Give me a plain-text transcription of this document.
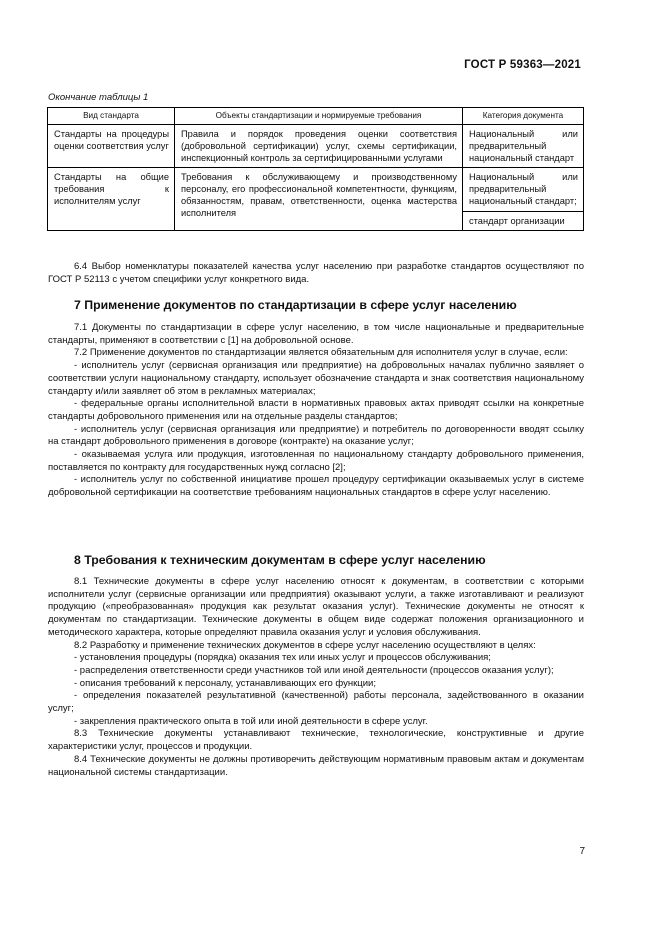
ГОСТ Р 59363—2021
Окончание таблицы 1
Вид стандарта	Объекты стандартизации и нормируемые требования	Категория документа
Стандарты на процедуры оценки соответствия услуг	Правила и порядок проведения оценки соответствия (добровольной сертификации) услуг, схемы сертификации, инспекционный контроль за сертифицированными услугами	Национальный или предварительный национальный стандарт
Стандарты на общие требования к исполнителям услуг	Требования к обслуживающему и производственному персоналу, его профессиональной компетентности, функциям, обязанностям, правам, ответственности, оценка мастерства исполнителя	Национальный или предварительный национальный стандарт;
стандарт организации

6.4 Выбор номенклатуры показателей качества услуг населению при разработке стандартов осуществляют по ГОСТ Р 52113 с учетом специфики услуг конкретного вида.

7 Применение документов по стандартизации в сфере услуг населению

7.1 Документы по стандартизации в сфере услуг населению, в том числе национальные и предварительные стандарты, применяют в соответствии с [1] на добровольной основе.

7.2 Применение документов по стандартизации является обязательным для исполнителя услуг в случае, если:

- исполнитель услуг (сервисная организация или предприятие) на добровольных началах публично заявляет о соответствии услуги национальному стандарту, использует обозначение стандарта и знак соответствия национальному стандарту и/или заявляет об этом в рекламных материалах;

- федеральные органы исполнительной власти в нормативных правовых актах приводят ссылки на конкретные стандарты добровольного применения или на отдельные разделы стандартов;

- исполнитель услуг (сервисная организация или предприятие) и потребитель по договоренности вводят ссылку на стандарт добровольного применения в договоре (контракте) на оказание услуг;

- оказываемая услуга или продукция, изготовленная по национальному стандарту добровольного применения, поставляется по контракту для государственных нужд согласно [2];

- исполнитель услуг по собственной инициативе прошел процедуру сертификации оказываемых услуг в системе добровольной сертификации на соответствие требованиям национальных стандартов в сфере услуг населению.

8 Требования к техническим документам в сфере услуг населению

8.1 Технические документы в сфере услуг населению относят к документам, в соответствии с которыми исполнители услуг (сервисные организации или предприятия) оказывают услуги, а также изготавливают и реализуют продукцию («преобразованная» продукция как результат оказания услуг). Технические документы не относят к документам по стандартизации. Технические документы в общем виде содержат положения организационного и методического характера, которые определяют правила оказания услуг и условия обслуживания.

8.2 Разработку и применение технических документов в сфере услуг населению осуществляют в целях:

- установления процедуры (порядка) оказания тех или иных услуг и процессов обслуживания;

- распределения ответственности среди участников той или иной деятельности (процессов оказания услуг);

- описания требований к персоналу, устанавливающих его функции;

- определения показателей результативной (качественной) работы персонала, задействованного в оказании услуг;

- закрепления практического опыта в той или иной деятельности в сфере услуг.

8.3 Технические документы устанавливают технические, технологические, конструктивные и другие характеристики услуг, процессов и продукции.

8.4 Технические документы не должны противоречить действующим нормативным правовым актам и документам национальной системы стандартизации.

7
